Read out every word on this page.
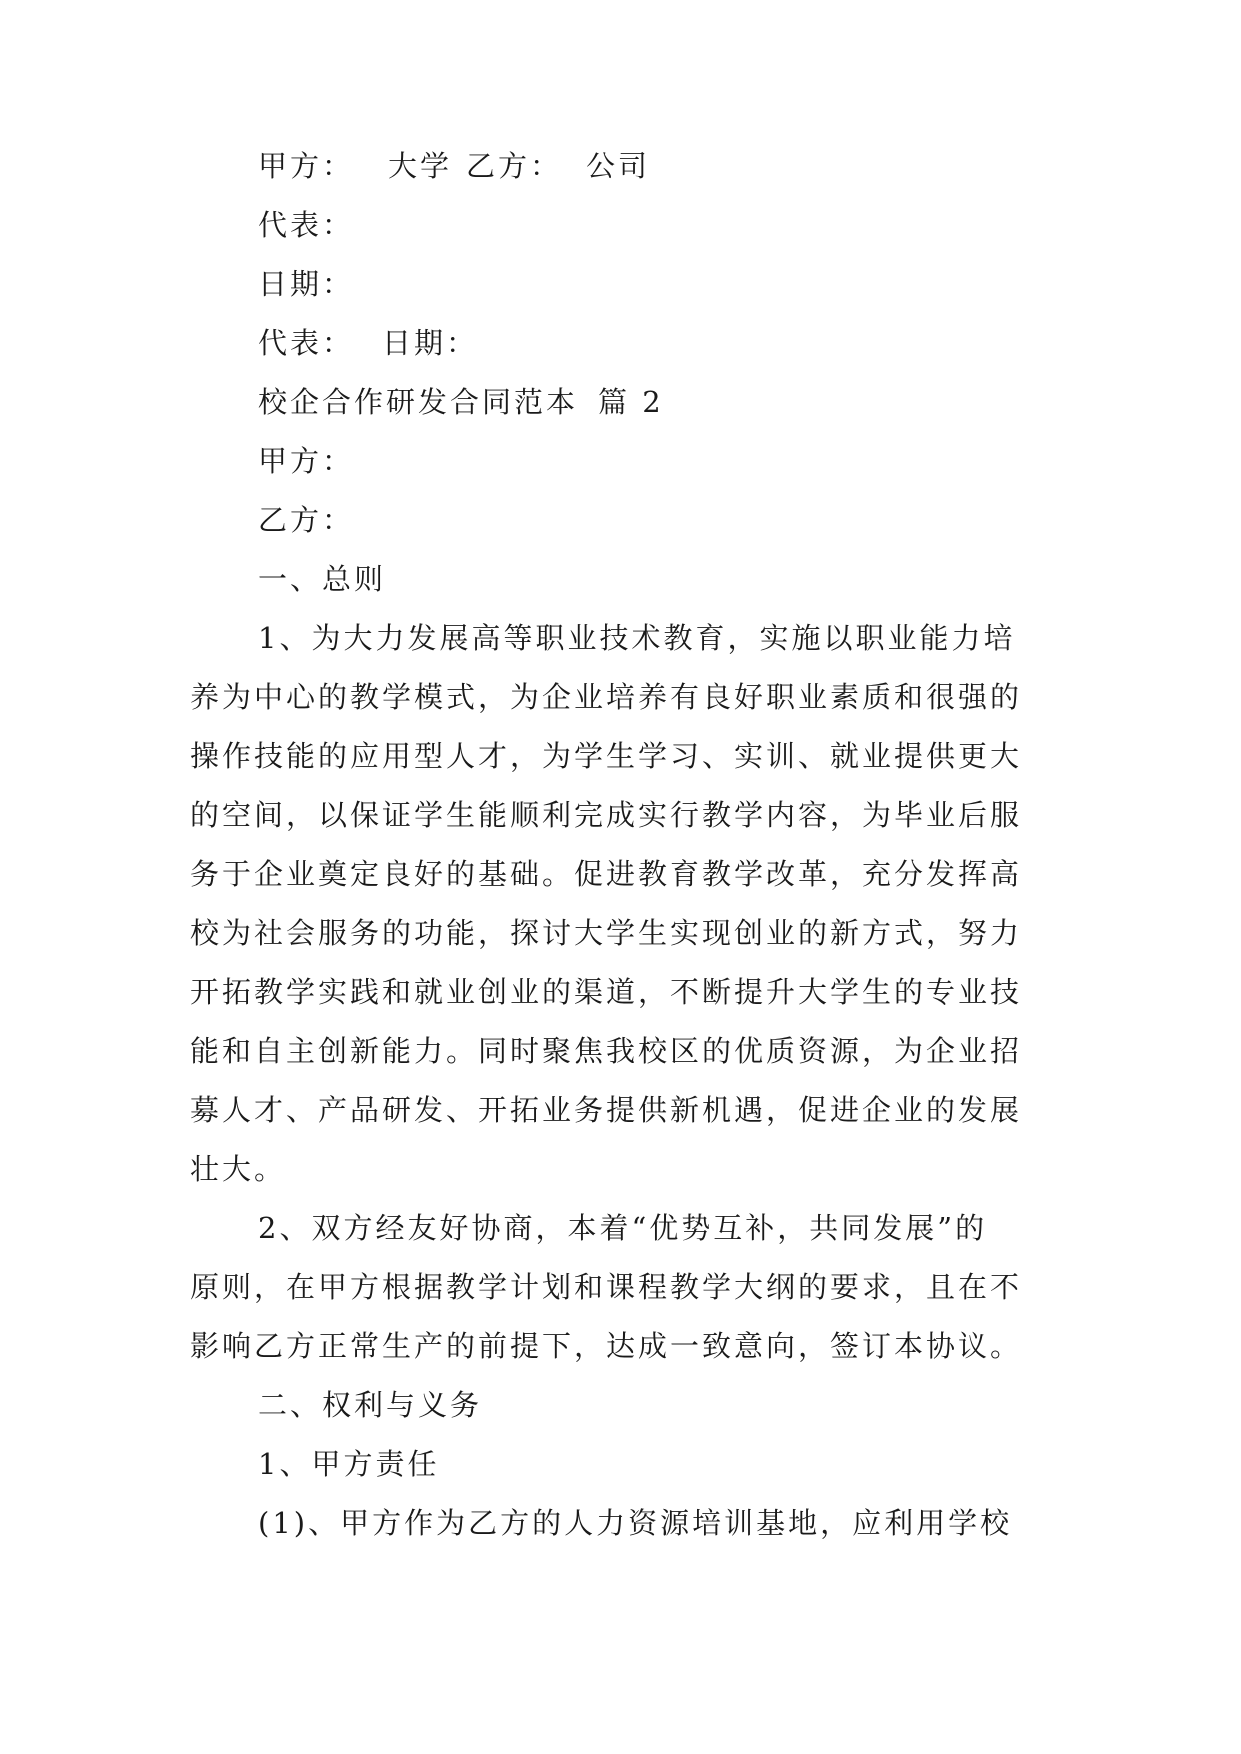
甲方： 大学 乙方： 公司
代表：
日期：
代表： 日期：
校企合作研发合同范本 篇 2
甲方：
乙方：
一、总则
1、为大力发展高等职业技术教育，实施以职业能力培
养为中心的教学模式，为企业培养有良好职业素质和很强的
操作技能的应用型人才，为学生学习、实训、就业提供更大
的空间，以保证学生能顺利完成实行教学内容，为毕业后服
务于企业奠定良好的基础。促进教育教学改革，充分发挥高
校为社会服务的功能，探讨大学生实现创业的新方式，努力
开拓教学实践和就业创业的渠道，不断提升大学生的专业技
能和自主创新能力。同时聚焦我校区的优质资源，为企业招
募人才、产品研发、开拓业务提供新机遇，促进企业的发展
壮大。
2、双方经友好协商，本着“优势互补，共同发展”的
原则，在甲方根据教学计划和课程教学大纲的要求，且在不
影响乙方正常生产的前提下，达成一致意向，签订本协议。
二、权利与义务
1、甲方责任
(1)、甲方作为乙方的人力资源培训基地，应利用学校
